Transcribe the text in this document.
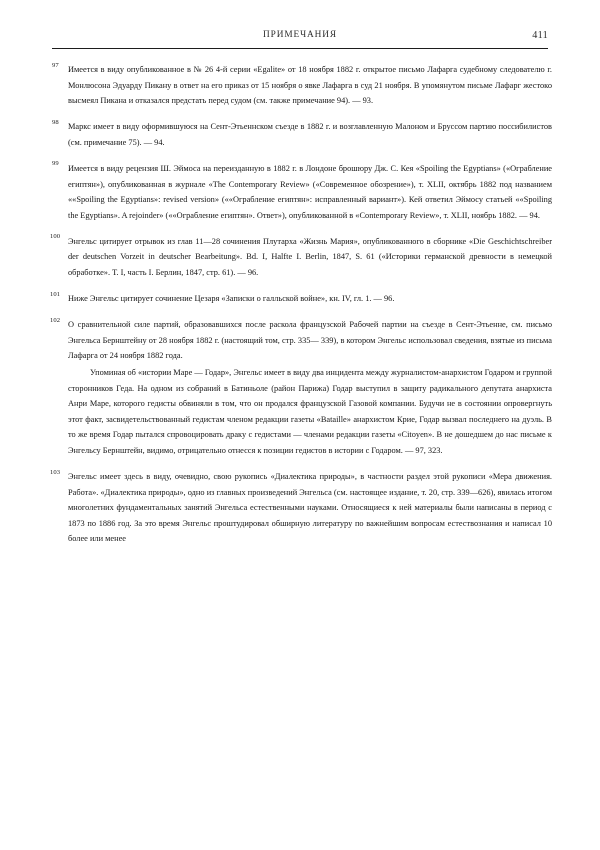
ПРИМЕЧАНИЯ	411
97 Имеется в виду опубликованное в № 26 4-й серии «Egalite» от 18 ноября 1882 г. открытое письмо Лафарга судебному следователю г. Монлюсона Эдуарду Пикану в ответ на его приказ от 15 ноября о явке Лафарга в суд 21 ноября. В упомянутом письме Лафарг жестоко высмеял Пикана и отказался предстать перед судом (см. также примечание 94). — 93.

98 Маркс имеет в виду оформившуюся на Сент-Этьеннском съезде в 1882 г. и возглавленную Малоном и Бруссом партию поссибилистов (см. примечание 75). — 94.

99 Имеется в виду рецензия Ш. Эймоса на переизданную в 1882 г. в Лондоне брошюру Дж. С. Кея «Spoiling the Egyptians» («Ограбление египтян»), опубликованная в журнале «The Contemporary Review» («Современное обозрение»), т. XLII, октябрь 1882 под названием ««Spoiling the Egyptians»: revised version» (««Ограбление египтян»: исправленный вариант»). Кей ответил Эймосу статьей ««Spoiling the Egyptians». A rejoinder» (««Ограбление египтян». Ответ»), опубликованной в «Contemporary Review», т. XLII, ноябрь 1882. — 94.

100 Энгельс цитирует отрывок из глав 11—28 сочинения Плутарха «Жизнь Мария», опубликованного в сборнике «Die Geschichtschreiber der deutschen Vorzeit in deutscher Bearbeitung». Bd. I, Halfte I. Berlin, 1847, S. 61 («Историки германской древности в немецкой обработке». Т. I, часть I. Берлин, 1847, стр. 61). — 96.

101 Ниже Энгельс цитирует сочинение Цезаря «Записки о галльской войне», кн. IV, гл. 1. — 96.

102 О сравнительной силе партий, образовавшихся после раскола французской Рабочей партии на съезде в Сент-Этьенне, см. письмо Энгельса Бернштейну от 28 ноября 1882 г. (настоящий том, стр. 335— 339), в котором Энгельс использовал сведения, взятые из письма Лафарга от 24 ноября 1882 года.

Упоминая об «истории Маре — Годар», Энгельс имеет в виду два инцидента между журналистом-анархистом Годаром и группой сторонников Геда. На одном из собраний в Батиньоле (район Парижа) Годар выступил в защиту радикального депутата анархиста Анри Маре, которого гедисты обвиняли в том, что он продался французской Газовой компании. Будучи не в состоянии опровергнуть этот факт, засвидетельствованный гедистам членом редакции газеты «Bataille» анархистом Крие, Годар вызвал последнего на дуэль. В то же время Годар пытался спровоцировать драку с гедистами — членами редакции газеты «Citoyen». В не дошедшем до нас письме к Энгельсу Бернштейн, видимо, отрицательно отнесся к позиции гедистов в истории с Годаром. — 97, 323.

103 Энгельс имеет здесь в виду, очевидно, свою рукопись «Диалектика природы», в частности раздел этой рукописи «Мера движения. Работа». «Диалектика природы», одно из главных произведений Энгельса (см. настоящее издание, т. 20, стр. 339—626), явилась итогом многолетних фундаментальных занятий Энгельса естественными науками. Относящиеся к ней материалы были написаны в период с 1873 по 1886 год. За это время Энгельс проштудировал обширную литературу по важнейшим вопросам естествознания и написал 10 более или менее
